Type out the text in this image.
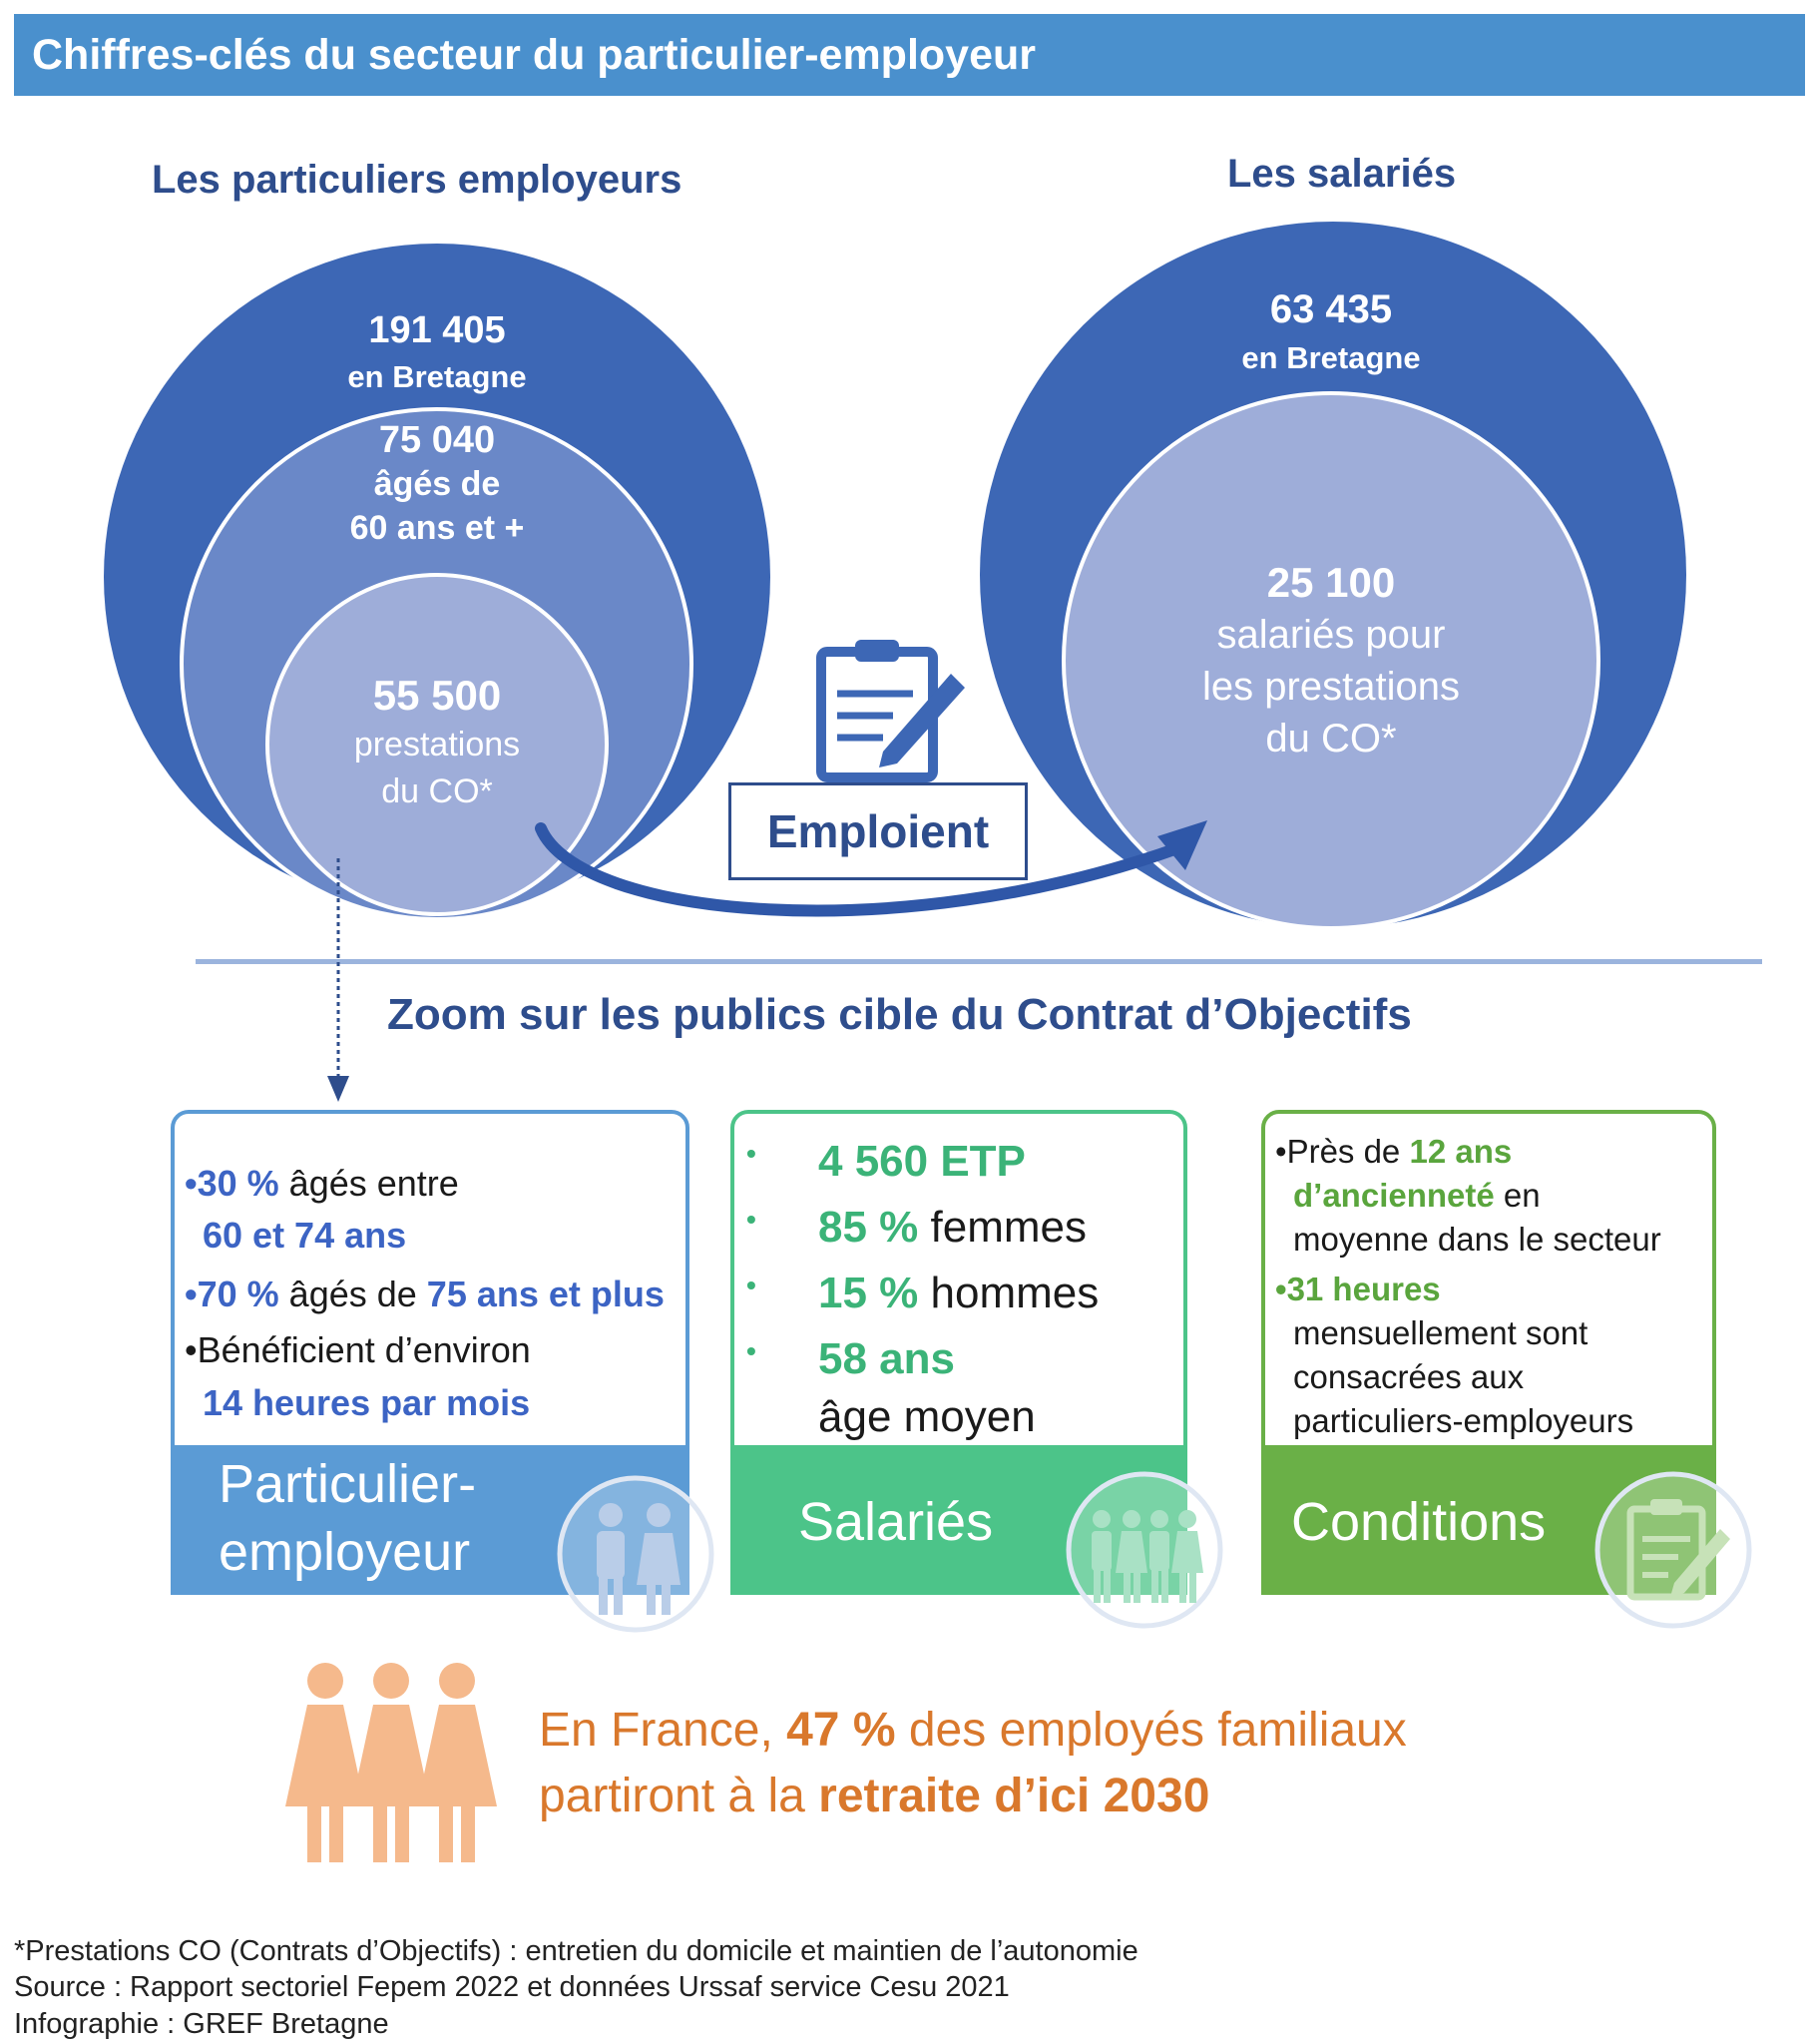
Chiffres-clés du secteur du particulier-employeur
Les particuliers employeurs	Les salariés
191 405
en Bretagne
75 040
âgés de
60 ans et +
55 500
prestations
du CO*
63 435
en Bretagne
25 100
salariés pour
les prestations
du CO*
Emploient
Zoom sur les publics cible du Contrat d’Objectifs
•30 % âgés entre
60 et 74 ans
•70 % âgés de 75 ans et plus
•Bénéficient d’environ
14 heures par mois
Particulier-
employeur
• 4 560 ETP
• 85 % femmes
• 15 % hommes
• 58 ans
âge moyen
Salariés
•Près de 12 ans
d’ancienneté en
moyenne dans le secteur
•31 heures
mensuellement sont
consacrées aux
particuliers-employeurs
Conditions
En France, 47 % des employés familiaux
partiront à la retraite d’ici 2030
*Prestations CO (Contrats d’Objectifs) : entretien du domicile et maintien de l’autonomie
Source : Rapport sectoriel Fepem 2022 et données Urssaf service Cesu 2021
Infographie : GREF Bretagne
